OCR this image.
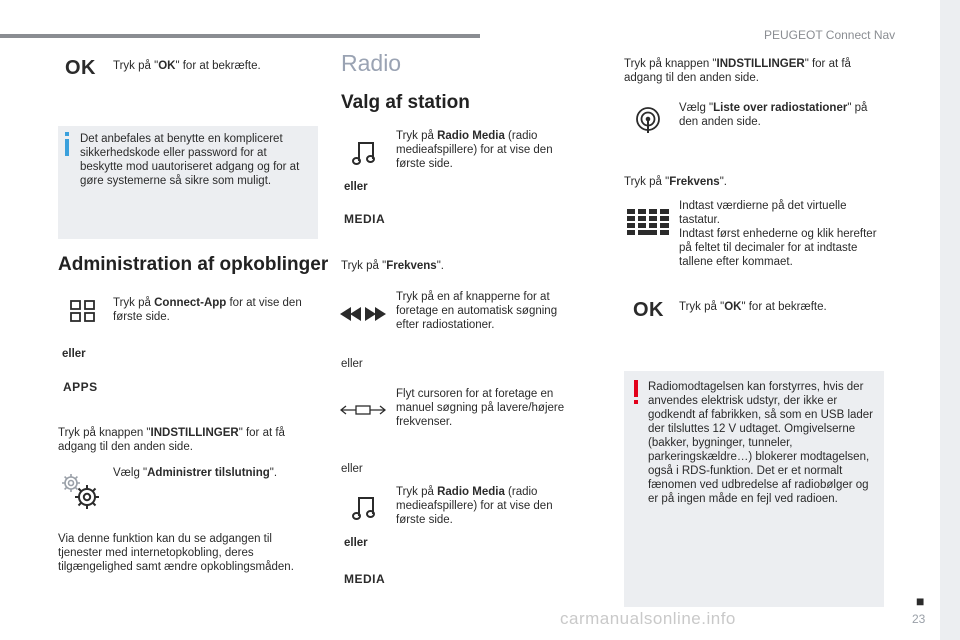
PEUGEOT Connect Nav
carmanualsonline.info
■
23
OK Tryk på "OK" for at bekræfte.
Det anbefales at benytte en kompliceret sikkerhedskode eller password for at beskytte mod uautoriseret adgang og for at gøre systemerne så sikre som muligt.
Administration af opkoblinger
Tryk på Connect-App for at vise den første side.
eller
APPS
Tryk på knappen "INDSTILLINGER" for at få adgang til den anden side.
Vælg "Administrer tilslutning".
Via denne funktion kan du se adgangen til tjenester med internetopkobling, deres tilgængelighed samt ændre opkoblingsmåden.
Radio
Valg af station
Tryk på Radio Media (radio medieafspillere) for at vise den første side.
eller
MEDIA
Tryk på "Frekvens".
Tryk på en af knapperne for at foretage en automatisk søgning efter radiostationer.
eller
Flyt cursoren for at foretage en manuel søgning på lavere/højere frekvenser.
eller
Tryk på Radio Media (radio medieafspillere) for at vise den første side.
eller
MEDIA
Tryk på knappen "INDSTILLINGER" for at få adgang til den anden side.
Vælg "Liste over radiostationer" på den anden side.
Tryk på "Frekvens".
Indtast værdierne på det virtuelle tastatur.
Indtast først enhederne og klik herefter på feltet til decimaler for at indtaste tallene efter kommaet.
OK Tryk på "OK" for at bekræfte.
Radiomodtagelsen kan forstyrres, hvis der anvendes elektrisk udstyr, der ikke er godkendt af fabrikken, så som en USB lader der tilsluttes 12 V udtaget. Omgivelserne (bakker, bygninger, tunneler, parkeringskældre…) blokerer modtagelsen, også i RDS-funktion. Det er et normalt fænomen ved udbredelse af radiobølger og er på ingen måde en fejl ved radioen.
